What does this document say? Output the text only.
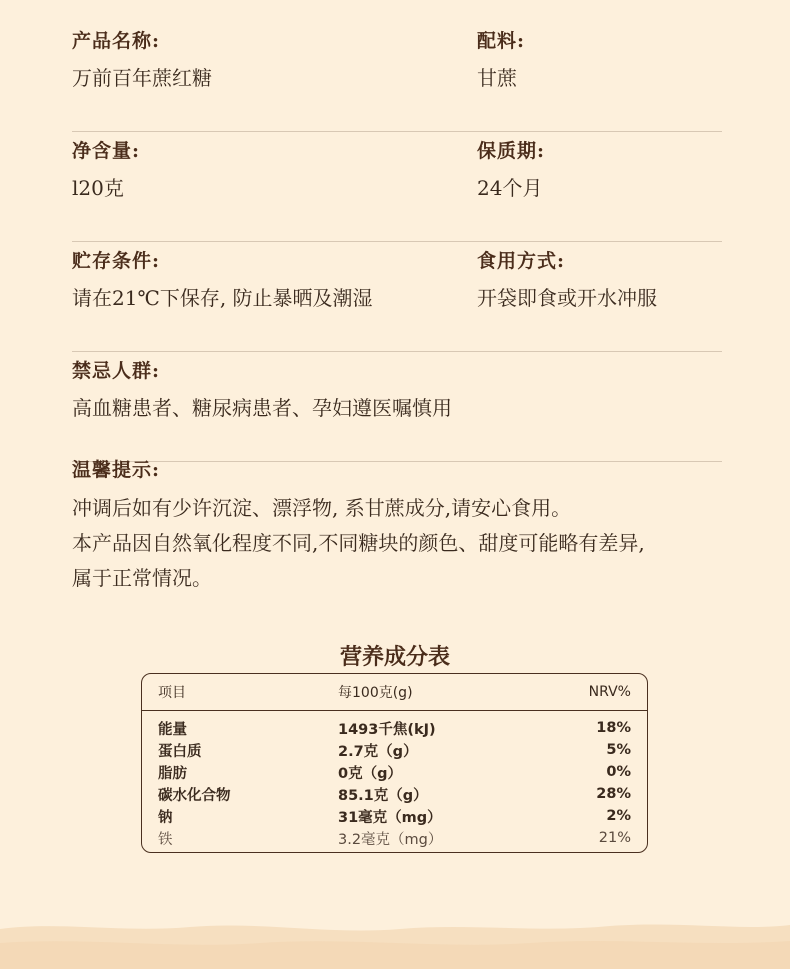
产品名称:
万前百年蔗红糖
配料:
甘蔗
净含量:
l20克
保质期:
24个月
贮存条件:
请在21℃下保存, 防止暴晒及潮湿
食用方式:
开袋即食或开水冲服
禁忌人群:
高血糖患者、糖尿病患者、孕妇遵医嘱慎用
温馨提示:
冲调后如有少许沉淀、漂浮物, 系甘蔗成分,请安心食用。
本产品因自然氧化程度不同,不同糖块的颜色、甜度可能略有差异,
属于正常情况。
营养成分表
项目	每100克(g)	NRV%
能量	1493千焦(kJ)	18%
蛋白质	2.7克（g）	5%
脂肪	0克（g）	0%
碳水化合物	85.1克（g）	28%
钠	31毫克（mg）	2%
铁	3.2毫克（mg）	21%
